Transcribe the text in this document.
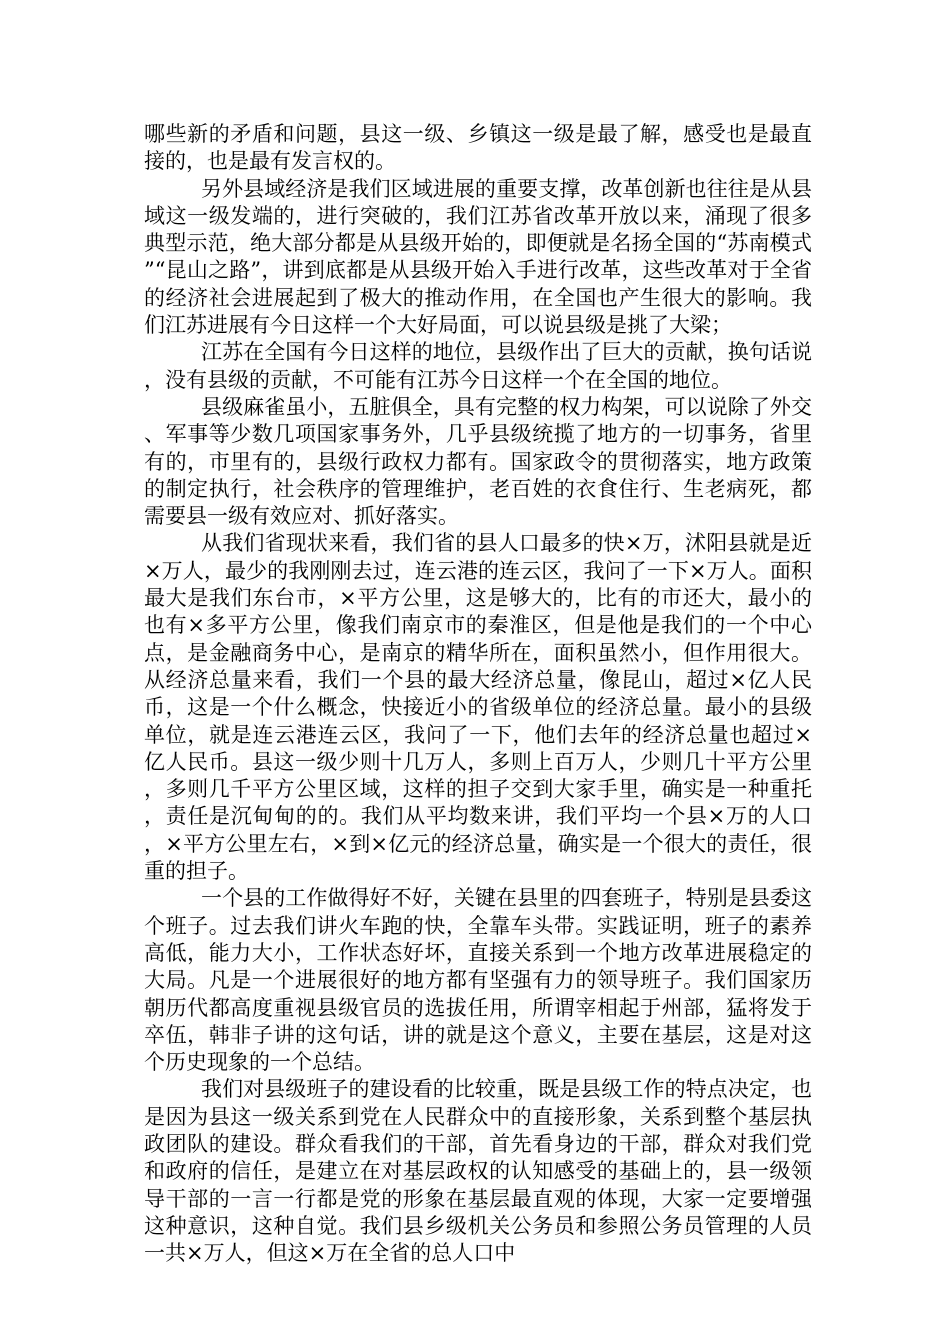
哪些新的矛盾和问题，县这一级、乡镇这一级是最了解，感受也是最直接的，也是最有发言权的。

另外县域经济是我们区域进展的重要支撑，改革创新也往往是从县域这一级发端的，进行突破的，我们江苏省改革开放以来，涌现了很多典型示范，绝大部分都是从县级开始的，即便就是名扬全国的“苏南模式”“昆山之路”，讲到底都是从县级开始入手进行改革，这些改革对于全省的经济社会进展起到了极大的推动作用，在全国也产生很大的影响。我们江苏进展有今日这样一个大好局面，可以说县级是挑了大梁；

江苏在全国有今日这样的地位，县级作出了巨大的贡献，换句话说，没有县级的贡献，不可能有江苏今日这样一个在全国的地位。

县级麻雀虽小，五脏俱全，具有完整的权力构架，可以说除了外交、军事等少数几项国家事务外，几乎县级统揽了地方的一切事务，省里有的，市里有的，县级行政权力都有。国家政令的贯彻落实，地方政策的制定执行，社会秩序的管理维护，老百姓的衣食住行、生老病死，都需要县一级有效应对、抓好落实。

从我们省现状来看，我们省的县人口最多的快×万，沭阳县就是近×万人，最少的我刚刚去过，连云港的连云区，我问了一下×万人。面积最大是我们东台市，×平方公里，这是够大的，比有的市还大，最小的也有×多平方公里，像我们南京市的秦淮区，但是他是我们的一个中心点，是金融商务中心，是南京的精华所在，面积虽然小，但作用很大。从经济总量来看，我们一个县的最大经济总量，像昆山，超过×亿人民币，这是一个什么概念，快接近小的省级单位的经济总量。最小的县级单位，就是连云港连云区，我问了一下，他们去年的经济总量也超过×亿人民币。县这一级少则十几万人，多则上百万人，少则几十平方公里，多则几千平方公里区域，这样的担子交到大家手里，确实是一种重托，责任是沉甸甸的的。我们从平均数来讲，我们平均一个县×万的人口，×平方公里左右，×到×亿元的经济总量，确实是一个很大的责任，很重的担子。

一个县的工作做得好不好，关键在县里的四套班子，特别是县委这个班子。过去我们讲火车跑的快，全靠车头带。实践证明，班子的素养高低，能力大小，工作状态好坏，直接关系到一个地方改革进展稳定的大局。凡是一个进展很好的地方都有坚强有力的领导班子。我们国家历朝历代都高度重视县级官员的选拔任用，所谓宰相起于州部，猛将发于卒伍，韩非子讲的这句话，讲的就是这个意义，主要在基层，这是对这个历史现象的一个总结。

我们对县级班子的建设看的比较重，既是县级工作的特点决定，也是因为县这一级关系到党在人民群众中的直接形象，关系到整个基层执政团队的建设。群众看我们的干部，首先看身边的干部，群众对我们党和政府的信任，是建立在对基层政权的认知感受的基础上的，县一级领导干部的一言一行都是党的形象在基层最直观的体现，大家一定要增强这种意识，这种自觉。我们县乡级机关公务员和参照公务员管理的人员一共×万人，但这×万在全省的总人口中
